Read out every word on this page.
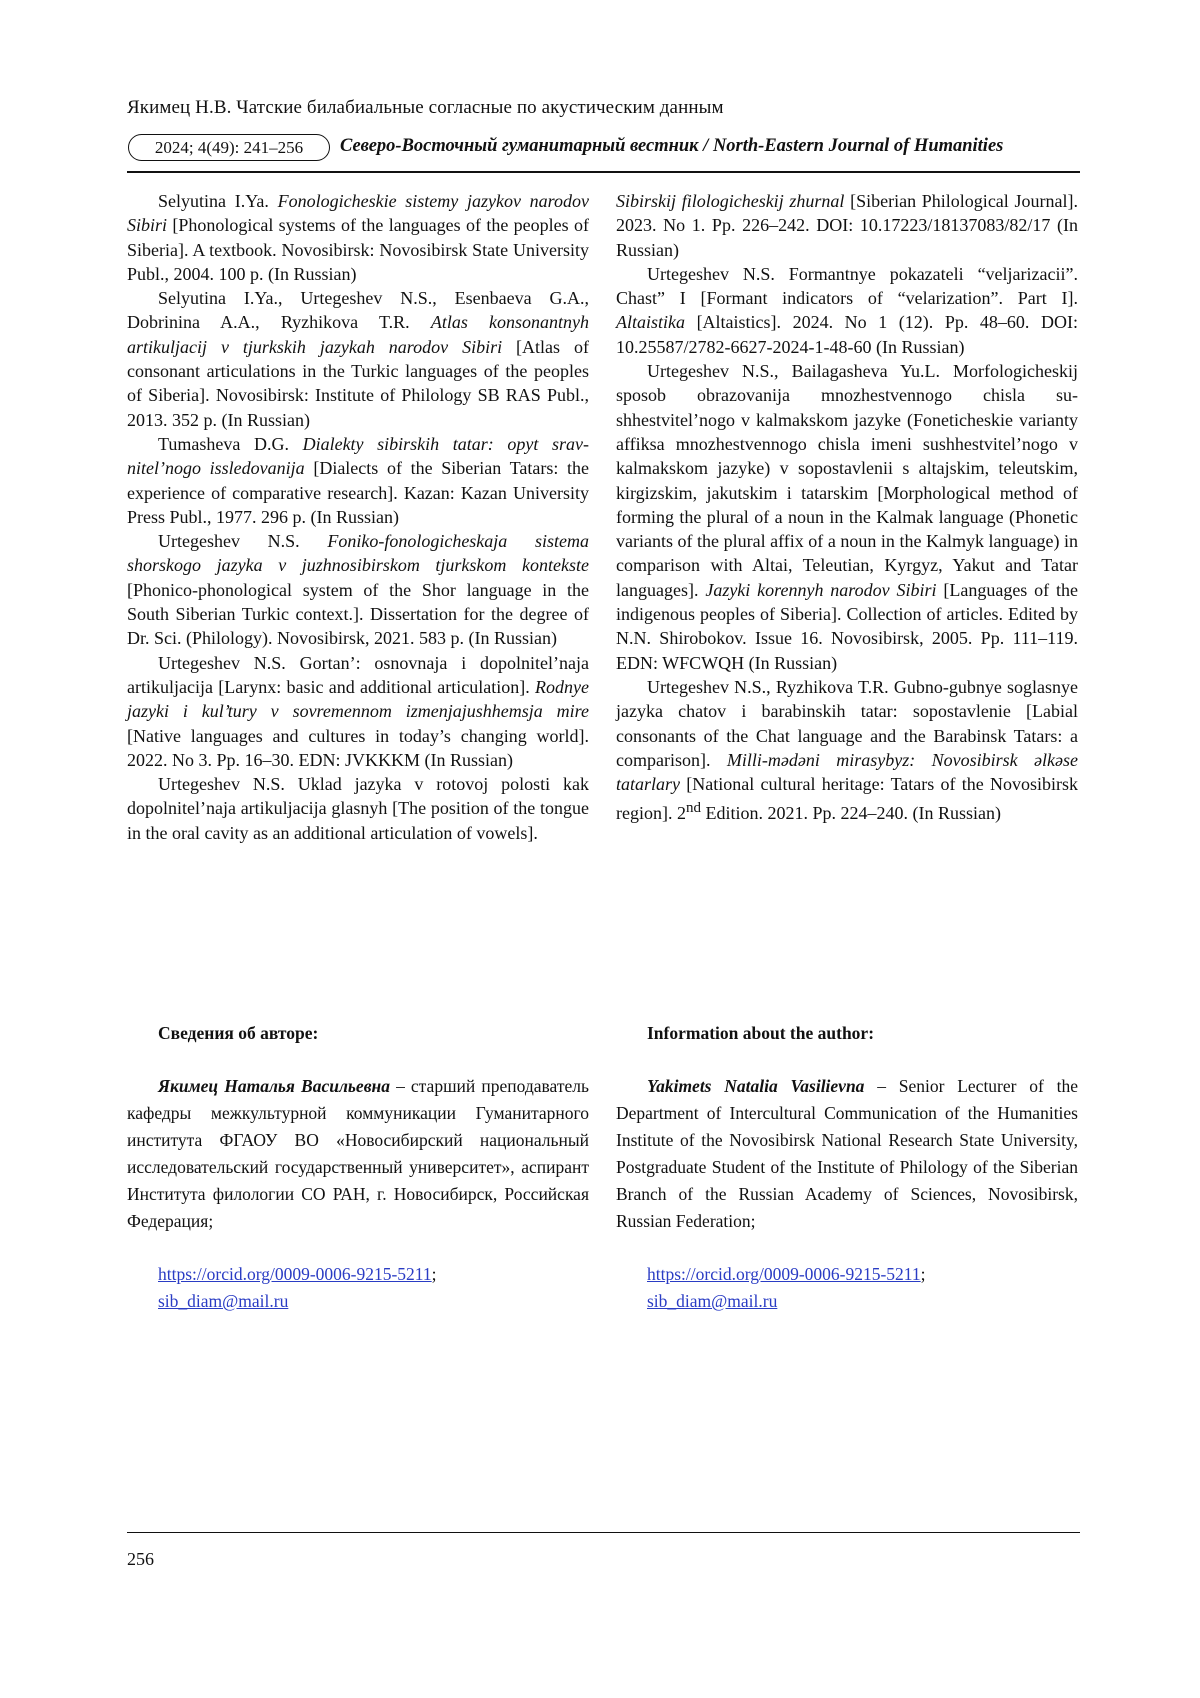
Якимец Н.В. Чатские билабиальные согласные по акустическим данным
2024; 4(49): 241–256	Северо-Восточный гуманитарный вестник / North-Eastern Journal of Humanities

Selyutina I.Ya. Fonologicheskie sistemy jazykov narodov Sibiri [Phonological systems of the languages of the peoples of Siberia]. A textbook. Novosibirsk: Novosibirsk State University Publ., 2004. 100 p. (In Russian)

Selyutina I.Ya., Urtegeshev N.S., Esenbaeva G.A., Dobrinina A.A., Ryzhikova T.R. Atlas konsonantnyh artikuljacij v tjurkskih jazykah narodov Sibiri [Atlas of consonant articulations in the Turkic languages of the peoples of Siberia]. Novosibirsk: Institute of Philology SB RAS Publ., 2013. 352 p. (In Russian)

Tumasheva D.G. Dialekty sibirskih tatar: opyt sravnitel’nogo issledovanija [Dialects of the Siberian Tatars: the experience of comparative research]. Kazan: Kazan University Press Publ., 1977. 296 p. (In Russian)

Urtegeshev N.S. Foniko-fonologicheskaja sistema shorskogo jazyka v juzhnosibirskom tjurkskom kontekste [Phonico-phonological system of the Shor language in the South Siberian Turkic context.]. Dissertation for the degree of Dr. Sci. (Philology). Novosibirsk, 2021. 583 p. (In Russian)

Urtegeshev N.S. Gortan’: osnovnaja i dopolnitel’naja artikuljacija [Larynx: basic and additional articulation]. Rodnye jazyki i kul’tury v sovremennom izmenjajushhemsja mire [Native languages and cultures in today’s changing world]. 2022. No 3. Pp. 16–30. EDN: JVKKKM (In Russian)

Urtegeshev N.S. Uklad jazyka v rotovoj polosti kak dopolnitel’naja artikuljacija glasnyh [The position of the tongue in the oral cavity as an additional articulation of vowels].

Sibirskij filologicheskij zhurnal [Siberian Philological Journal]. 2023. No 1. Pp. 226–242. DOI: 10.17223/18137083/82/17 (In Russian)

Urtegeshev N.S. Formantnye pokazateli “veljarizacii”. Chast” I [Formant indicators of “velarization”. Part I]. Altaistika [Altaistics]. 2024. No 1 (12). Pp. 48–60. DOI: 10.25587/2782-6627-2024-1-48-60 (In Russian)

Urtegeshev N.S., Bailagasheva Yu.L. Morfologicheskij sposob obrazovanija mnozhestvennogo chisla sushhestvitel’nogo v kalmakskom jazyke (Foneticheskie varianty affiksa mnozhestvennogo chisla imeni sushhestvitel’nogo v kalmakskom jazyke) v sopostavlenii s altajskim, teleutskim, kirgizskim, jakutskim i tatarskim [Morphological method of forming the plural of a noun in the Kalmak language (Phonetic variants of the plural affix of a noun in the Kalmyk language) in comparison with Altai, Teleutian, Kyrgyz, Yakut and Tatar languages]. Jazyki korennyh narodov Sibiri [Languages of the indigenous peoples of Siberia]. Collection of articles. Edited by N.N. Shirobokov. Issue 16. Novosibirsk, 2005. Pp. 111–119. EDN: WFCWQH (In Russian)

Urtegeshev N.S., Ryzhikova T.R. Gubno-gubnye soglasnye jazyka chatov i barabinskih tatar: sopostavlenie [Labial consonants of the Chat language and the Barabinsk Tatars: a comparison]. Milli-mədəni mirasybyz: Novosibirsk əlkəse tatarlary [National cultural heritage: Tatars of the Novosibirsk region]. 2nd Edition. 2021. Pp. 224–240. (In Russian)

Сведения об авторе:

Якимец Наталья Васильевна – старший преподаватель кафедры межкультурной коммуникации Гуманитарного института ФГАОУ ВО «Новосибирский национальный исследовательский государственный университет», аспирант Института филологии СО РАН, г. Новосибирск, Российская Федерация;

https://orcid.org/0009-0006-9215-5211;
sib_diam@mail.ru
Information about the author:

Yakimets Natalia Vasilievna – Senior Lecturer of the Department of Intercultural Communication of the Humanities Institute of the Novosibirsk National Research State University, Postgraduate Student of the Institute of Philology of the Siberian Branch of the Russian Academy of Sciences, Novosibirsk, Russian Federation;

https://orcid.org/0009-0006-9215-5211;
sib_diam@mail.ru
256
